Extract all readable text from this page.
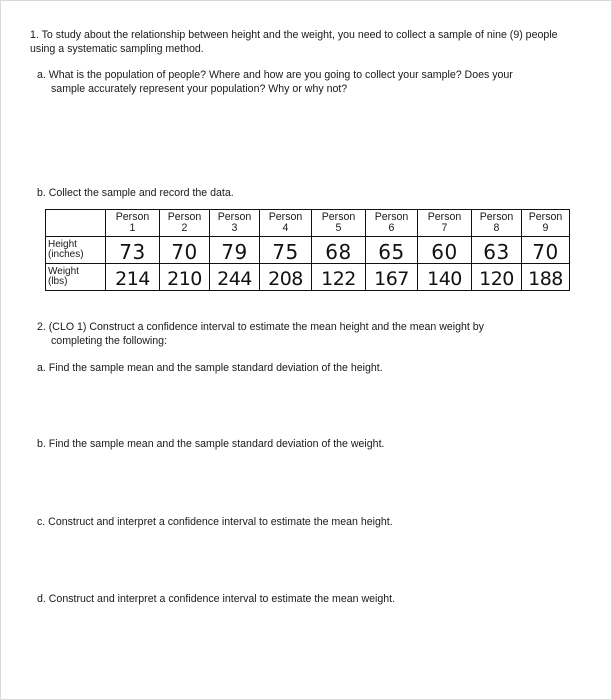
1. To study about the relationship between height and the weight, you need to collect a sample of nine (9) people using a systematic sampling method.
a. What is the population of people? Where and how are you going to collect your sample? Does your
sample accurately represent your population? Why or why not?
b. Collect the sample and record the data.

	Person
1	Person
2	Person
3	Person
4	Person
5	Person
6	Person
7	Person
8	Person
9

Height
(inches)	73	70	79	75	68	65	60	63	70

Weight
(lbs)	214	210	244	208	122	167	140	120	188
2. (CLO 1) Construct a confidence interval to estimate the mean height and the mean weight by
completing the following:
a. Find the sample mean and the sample standard deviation of the height.
b. Find the sample mean and the sample standard deviation of the weight.
c. Construct and interpret a confidence interval to estimate the mean height.
d. Construct and interpret a confidence interval to estimate the mean weight.
